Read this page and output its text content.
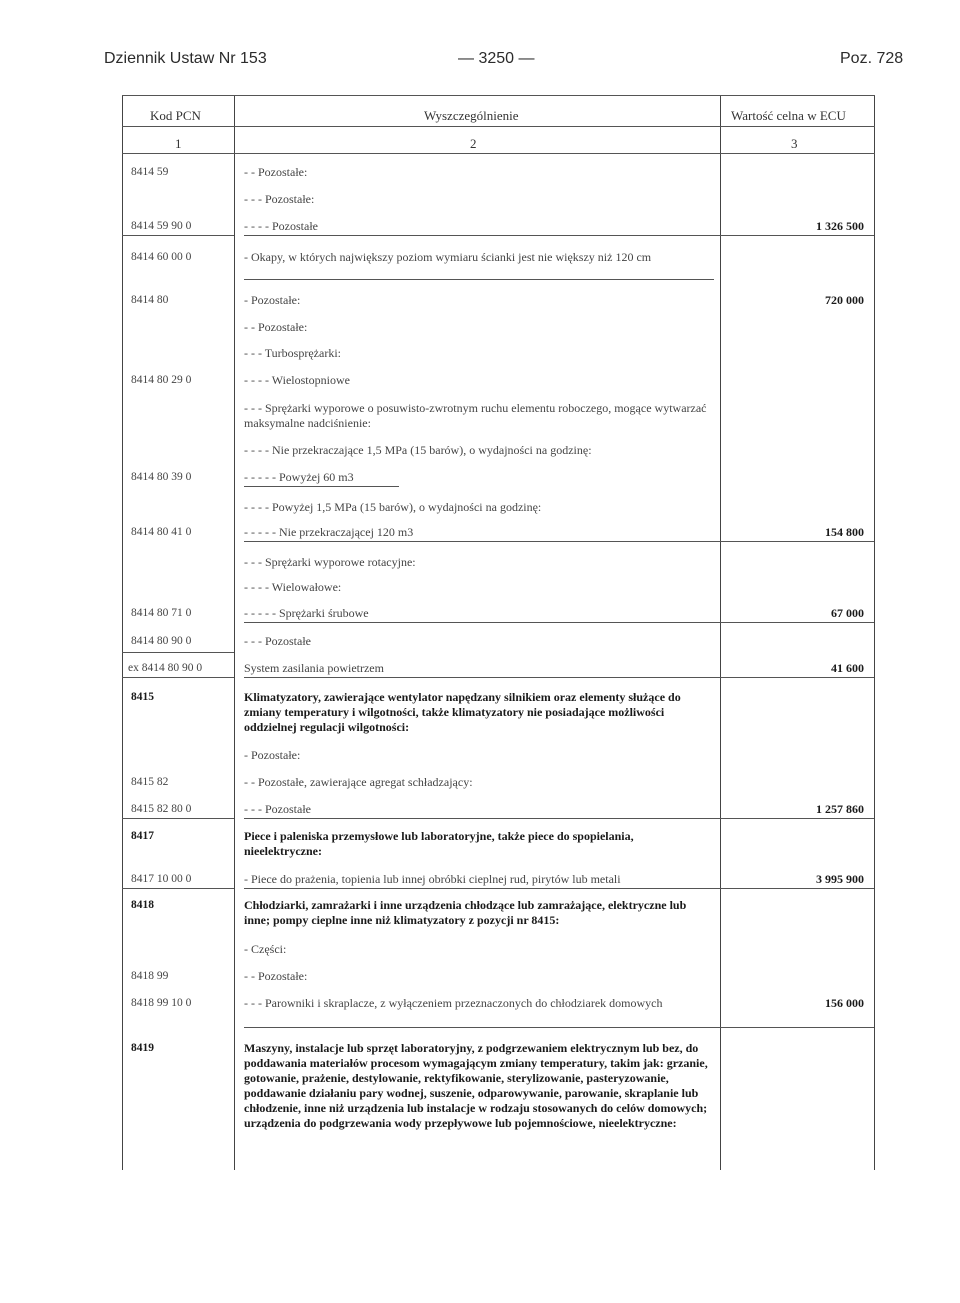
Dziennik Ustaw Nr 153	— 3250 —	Poz. 728
Kod PCN	Wyszczególnienie	Wartość celna w ECU
1	2	3
8414 59	- - Pozostałe:
- - - Pozostałe:
8414 59 90 0	- - - - Pozostałe	1 326 500
8414 60 00 0	- Okapy, w których największy poziom wymiaru ścianki jest nie większy niż 120 cm
8414 80	- Pozostałe:	720 000
- - Pozostałe:
- - - Turbosprężarki:
8414 80 29 0	- - - - Wielostopniowe
- - - Sprężarki wyporowe o posuwisto-zwrotnym ruchu elementu roboczego, mogące wytwarzać maksymalne nadciśnienie:
- - - - Nie przekraczające 1,5 MPa (15 barów), o wydajności na godzinę:
8414 80 39 0	- - - - - Powyżej 60 m3
- - - - Powyżej 1,5 MPa (15 barów), o wydajności na godzinę:
8414 80 41 0	- - - - - Nie przekraczającej 120 m3	154 800
- - - Sprężarki wyporowe rotacyjne:
- - - - Wielowałowe:
8414 80 71 0	- - - - - Sprężarki śrubowe	67 000
8414 80 90 0	- - - Pozostałe
ex 8414 80 90 0	System zasilania powietrzem	41 600
8415	Klimatyzatory, zawierające wentylator napędzany silnikiem oraz elementy służące do zmiany temperatury i wilgotności, także klimatyzatory nie posiadające możliwości oddzielnej regulacji wilgotności:
- Pozostałe:
8415 82	- - Pozostałe, zawierające agregat schładzający:
8415 82 80 0	- - - Pozostałe	1 257 860
8417	Piece i paleniska przemysłowe lub laboratoryjne, także piece do spopielania, nieelektryczne:
8417 10 00 0	- Piece do prażenia, topienia lub innej obróbki cieplnej rud, pirytów lub metali	3 995 900
8418	Chłodziarki, zamrażarki i inne urządzenia chłodzące lub zamrażające, elektryczne lub inne; pompy cieplne inne niż klimatyzatory z pozycji nr 8415:
- Części:
8418 99	- - Pozostałe:
8418 99 10 0	- - - Parowniki i skraplacze, z wyłączeniem przeznaczonych do chłodziarek domowych	156 000
8419	Maszyny, instalacje lub sprzęt laboratoryjny, z podgrzewaniem elektrycznym lub bez, do poddawania materiałów procesom wymagającym zmiany temperatury, takim jak: grzanie, gotowanie, prażenie, destylowanie, rektyfikowanie, sterylizowanie, pasteryzowanie, poddawanie działaniu pary wodnej, suszenie, odparowywanie, parowanie, skraplanie lub chłodzenie, inne niż urządzenia lub instalacje w rodzaju stosowanych do celów domowych; urządzenia do podgrzewania wody przepływowe lub pojemnościowe, nieelektryczne:
